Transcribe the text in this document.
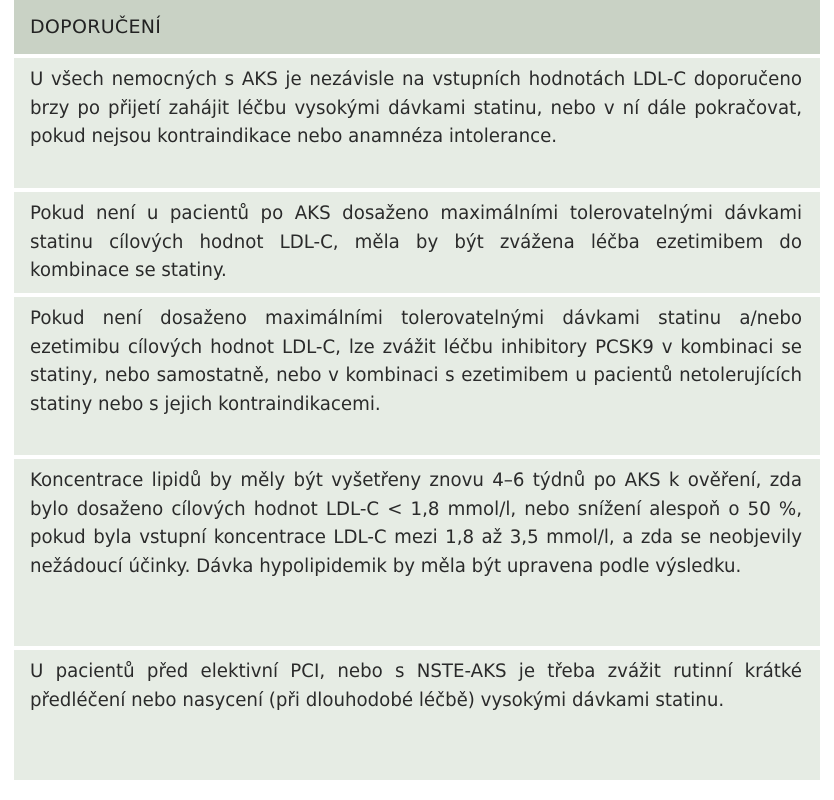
DOPORUČENÍ
U všech nemocných s AKS je nezávisle na vstupních hodnotách LDL-C doporučeno brzy po přijetí zahájit léčbu vysokými dávkami statinu, nebo v ní dále pokračovat, pokud nejsou kontraindikace nebo anamnéza intolerance.
Pokud není u pacientů po AKS dosaženo maximálními tolerovatelnými dávkami statinu cílových hodnot LDL-C, měla by být zvážena léčba ezetimibem do kombinace se statiny.
Pokud není dosaženo maximálními tolerovatelnými dávkami statinu a/nebo ezetimibu cílových hodnot LDL-C, lze zvážit léčbu inhibitory PCSK9 v kombinaci se statiny, nebo samostatně, nebo v kombinaci s ezetimibem u pacientů netolerujících statiny nebo s jejich kontraindikacemi.
Koncentrace lipidů by měly být vyšetřeny znovu 4–6 týdnů po AKS k ověření, zda bylo dosaženo cílových hodnot LDL-C < 1,8 mmol/l, nebo snížení alespoň o 50 %, pokud byla vstupní koncentrace LDL-C mezi 1,8 až 3,5 mmol/l, a zda se neobjevily nežádoucí účinky. Dávka hypolipidemik by měla být upravena podle výsledku.
U pacientů před elektivní PCI, nebo s NSTE-AKS je třeba zvážit rutinní krátké předléčení nebo nasycení (při dlouhodobé léčbě) vysokými dávkami statinu.
